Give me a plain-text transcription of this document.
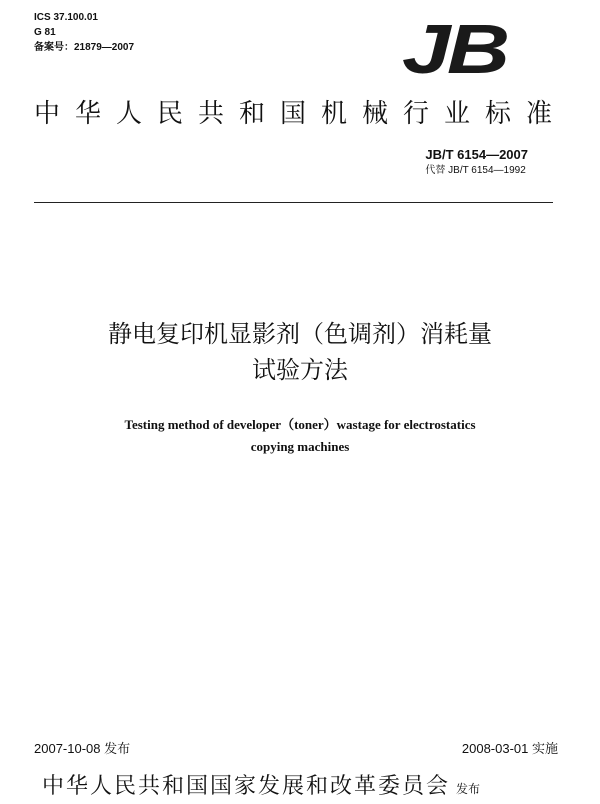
ICS 37.100.01
G 81
备案号：21879—2007	JB
中华人民共和国机械行业标准
JB/T 6154—2007
代替 JB/T 6154—1992
静电复印机显影剂（色调剂）消耗量
试验方法
Testing method of developer（toner）wastage for electrostatics
copying machines
2007-10-08 发布	2008-03-01 实施
中华人民共和国国家发展和改革委员会 发布
